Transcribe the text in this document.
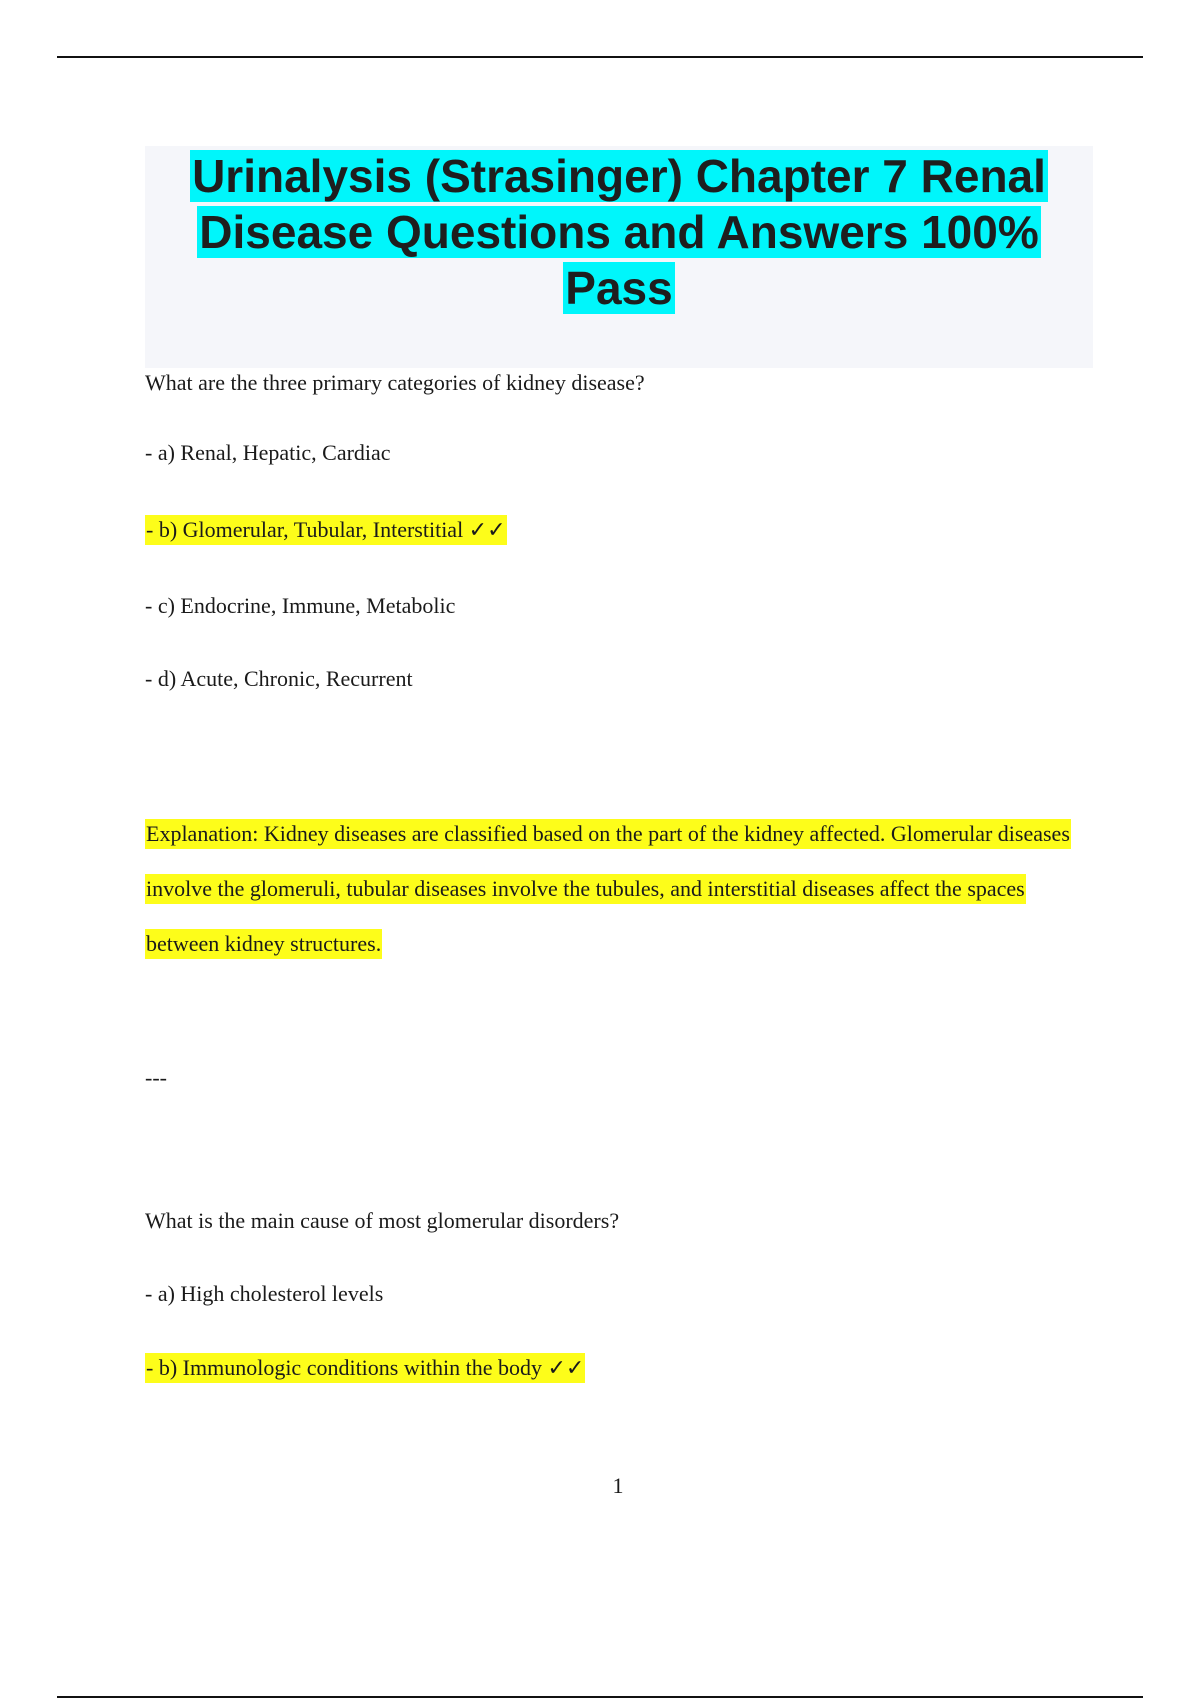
Urinalysis (Strasinger) Chapter 7 Renal Disease Questions and Answers 100% Pass
What are the three primary categories of kidney disease?
- a) Renal, Hepatic, Cardiac
- b) Glomerular, Tubular, Interstitial ✓✓
- c) Endocrine, Immune, Metabolic
- d) Acute, Chronic, Recurrent
Explanation: Kidney diseases are classified based on the part of the kidney affected. Glomerular diseases involve the glomeruli, tubular diseases involve the tubules, and interstitial diseases affect the spaces between kidney structures.
---
What is the main cause of most glomerular disorders?
- a) High cholesterol levels
- b) Immunologic conditions within the body ✓✓
1
